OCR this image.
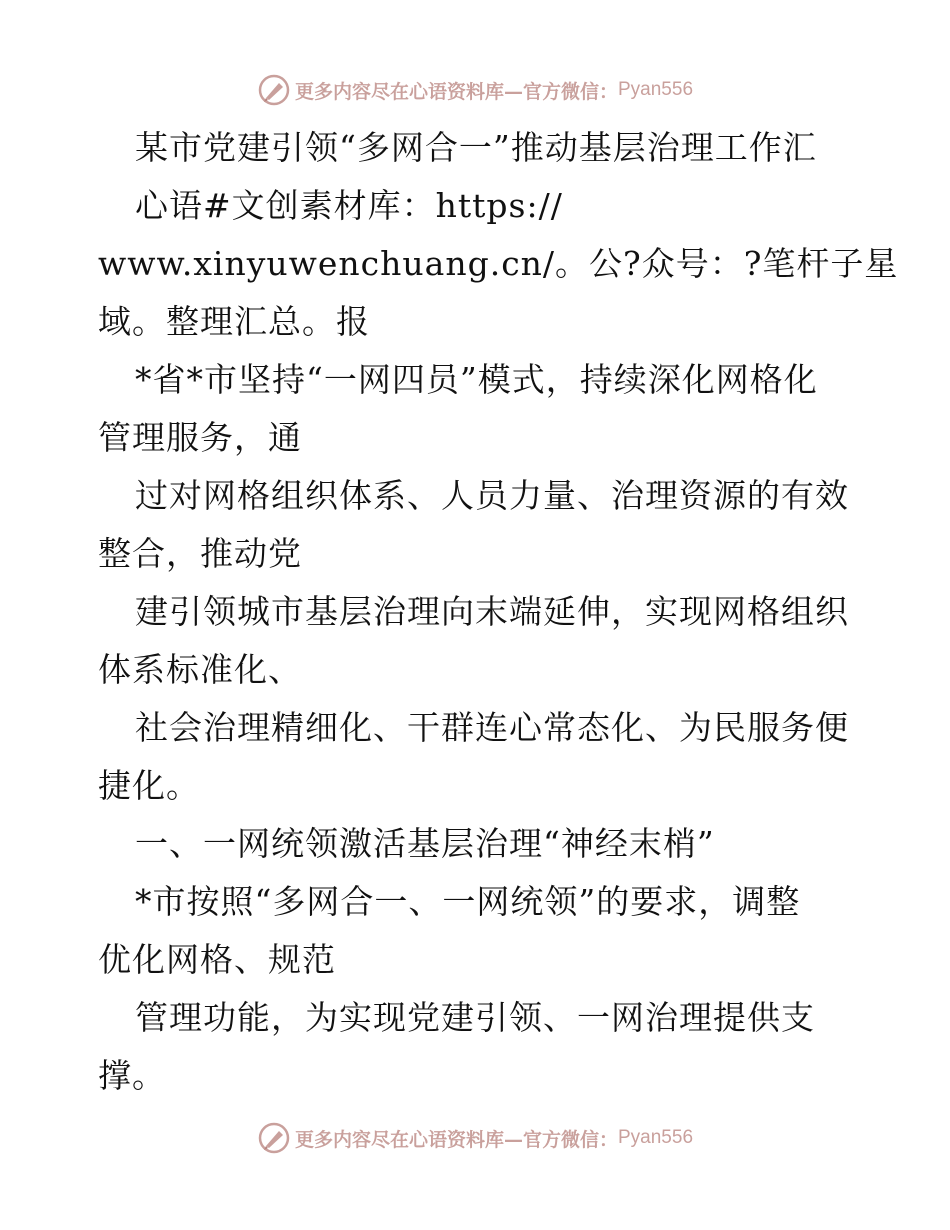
更多内容尽在心语资料库—官方微信： Pyan556
某市党建引领“多网合一”推动基层治理工作汇
心语#文创素材库：https://
www.xinyuwenchuang.cn/。公?众号：?笔杆子星
域。整理汇总。报
*省*市坚持“一网四员”模式，持续深化网格化
管理服务，通
过对网格组织体系、人员力量、治理资源的有效
整合，推动党
建引领城市基层治理向末端延伸，实现网格组织
体系标准化、
社会治理精细化、干群连心常态化、为民服务便
捷化。
一、一网统领激活基层治理“神经末梢”
*市按照“多网合一、一网统领”的要求，调整
优化网格、规范
管理功能，为实现党建引领、一网治理提供支
撑。
更多内容尽在心语资料库—官方微信： Pyan556
